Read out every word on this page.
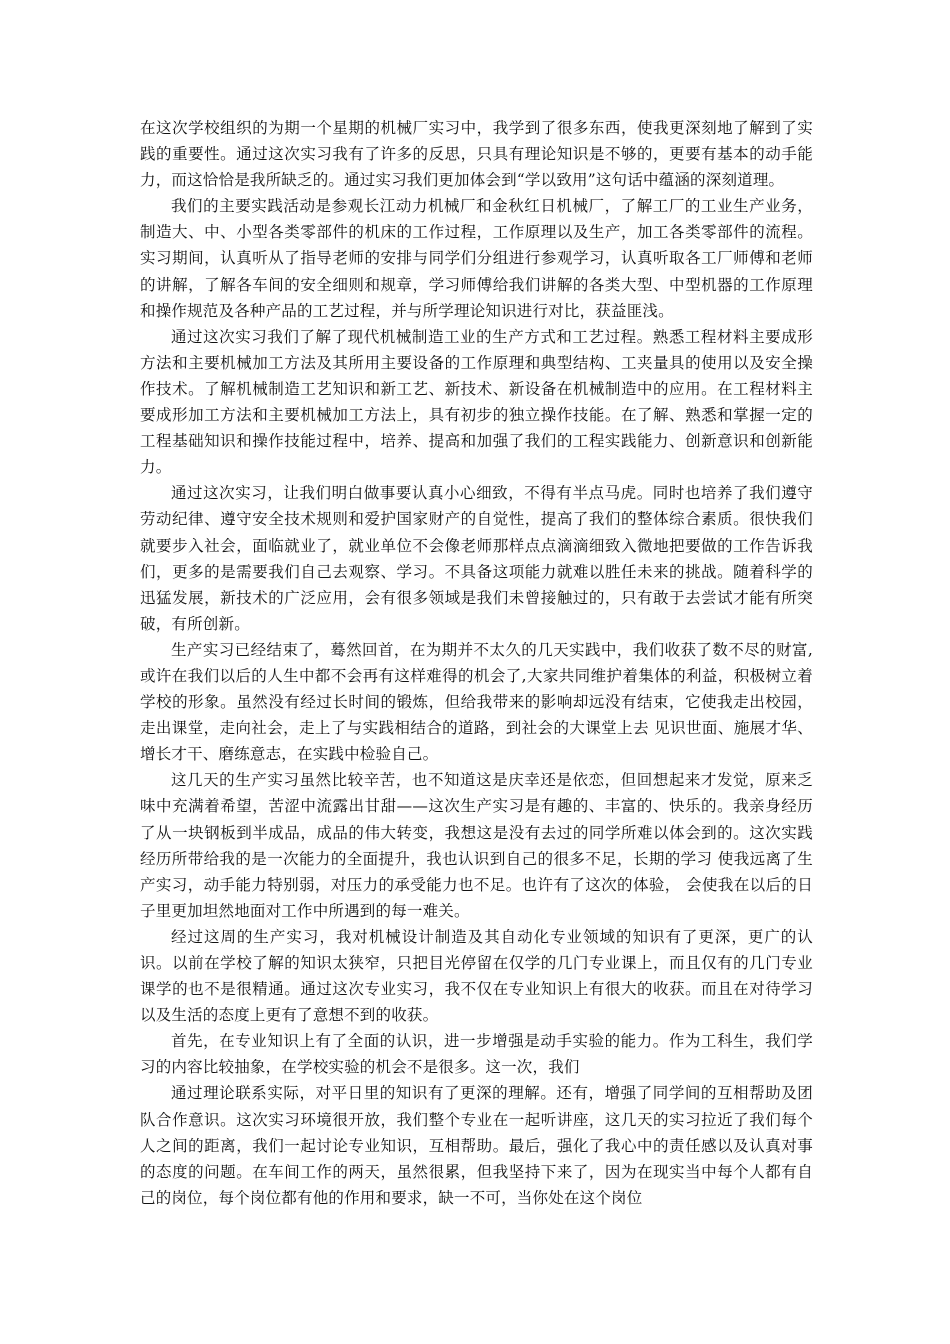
在这次学校组织的为期一个星期的机械厂实习中，我学到了很多东西，使我更深刻地了解到了实践的重要性。通过这次实习我有了许多的反思，只具有理论知识是不够的，更要有基本的动手能力，而这恰恰是我所缺乏的。通过实习我们更加体会到“学以致用”这句话中蕴涵的深刻道理。

我们的主要实践活动是参观长江动力机械厂和金秋红日机械厂，了解工厂的工业生产业务，制造大、中、小型各类零部件的机床的工作过程，工作原理以及生产，加工各类零部件的流程。实习期间，认真听从了指导老师的安排与同学们分组进行参观学习，认真听取各工厂师傅和老师的讲解，了解各车间的安全细则和规章，学习师傅给我们讲解的各类大型、中型机器的工作原理和操作规范及各种产品的工艺过程，并与所学理论知识进行对比，获益匪浅。

通过这次实习我们了解了现代机械制造工业的生产方式和工艺过程。熟悉工程材料主要成形方法和主要机械加工方法及其所用主要设备的工作原理和典型结构、工夹量具的使用以及安全操作技术。了解机械制造工艺知识和新工艺、新技术、新设备在机械制造中的应用。在工程材料主要成形加工方法和主要机械加工方法上，具有初步的独立操作技能。在了解、熟悉和掌握一定的工程基础知识和操作技能过程中，培养、提高和加强了我们的工程实践能力、创新意识和创新能力。

通过这次实习，让我们明白做事要认真小心细致，不得有半点马虎。同时也培养了我们遵守劳动纪律、遵守安全技术规则和爱护国家财产的自觉性，提高了我们的整体综合素质。很快我们就要步入社会，面临就业了，就业单位不会像老师那样点点滴滴细致入微地把要做的工作告诉我们，更多的是需要我们自己去观察、学习。不具备这项能力就难以胜任未来的挑战。随着科学的迅猛发展，新技术的广泛应用，会有很多领域是我们未曾接触过的，只有敢于去尝试才能有所突破，有所创新。

生产实习已经结束了，蓦然回首，在为期并不太久的几天实践中，我们收获了数不尽的财富,或许在我们以后的人生中都不会再有这样难得的机会了,大家共同维护着集体的利益，积极树立着学校的形象。虽然没有经过长时间的锻炼，但给我带来的影响却远没有结束，它使我走出校园，走出课堂，走向社会，走上了与实践相结合的道路，到社会的大课堂上去 见识世面、施展才华、增长才干、磨练意志，在实践中检验自己。

这几天的生产实习虽然比较辛苦，也不知道这是庆幸还是依恋，但回想起来才发觉，原来乏味中充满着希望，苦涩中流露出甘甜——这次生产实习是有趣的、丰富的、快乐的。我亲身经历了从一块钢板到半成品，成品的伟大转变，我想这是没有去过的同学所难以体会到的。这次实践经历所带给我的是一次能力的全面提升，我也认识到自己的很多不足，长期的学习 使我远离了生产实习，动手能力特别弱，对压力的承受能力也不足。也许有了这次的体验， 会使我在以后的日子里更加坦然地面对工作中所遇到的每一难关。

经过这周的生产实习，我对机械设计制造及其自动化专业领域的知识有了更深，更广的认识。以前在学校了解的知识太狭窄，只把目光停留在仅学的几门专业课上，而且仅有的几门专业课学的也不是很精通。通过这次专业实习，我不仅在专业知识上有很大的收获。而且在对待学习以及生活的态度上更有了意想不到的收获。

首先，在专业知识上有了全面的认识，进一步增强是动手实验的能力。作为工科生，我们学习的内容比较抽象，在学校实验的机会不是很多。这一次，我们

通过理论联系实际，对平日里的知识有了更深的理解。还有，增强了同学间的互相帮助及团队合作意识。这次实习环境很开放，我们整个专业在一起听讲座，这几天的实习拉近了我们每个人之间的距离，我们一起讨论专业知识，互相帮助。最后，强化了我心中的责任感以及认真对事的态度的问题。在车间工作的两天，虽然很累，但我坚持下来了，因为在现实当中每个人都有自己的岗位，每个岗位都有他的作用和要求，缺一不可，当你处在这个岗位
